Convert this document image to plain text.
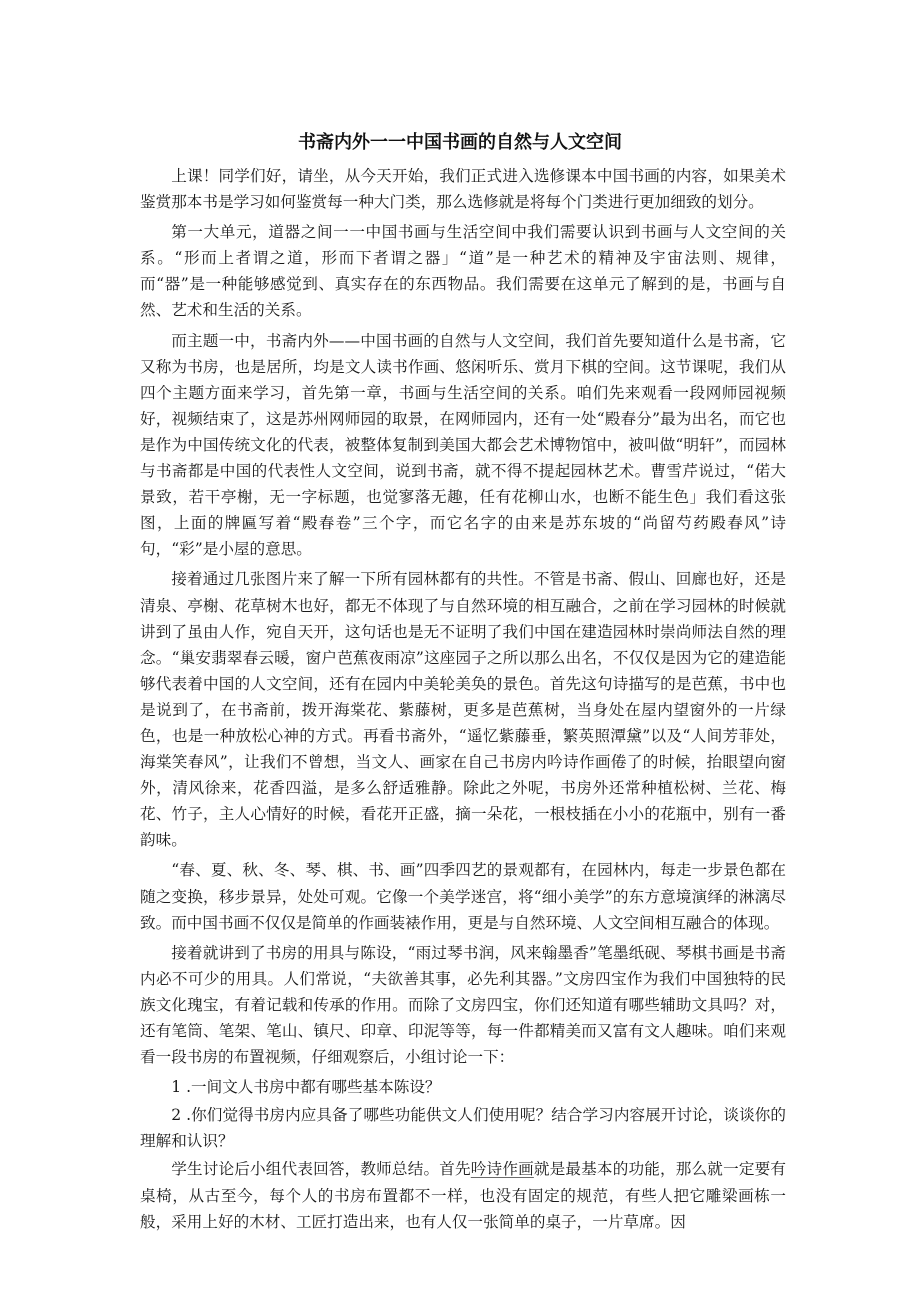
书斋内外一一中国书画的自然与人文空间

上课！同学们好，请坐，从今天开始，我们正式进入选修课本中国书画的内容，如果美术鉴赏那本书是学习如何鉴赏每一种大门类，那么选修就是将每个门类进行更加细致的划分。

第一大单元，道器之间一一中国书画与生活空间中我们需要认识到书画与人文空间的关系。“形而上者谓之道，形而下者谓之器」“道”是一种艺术的精神及宇宙法则、规律，而“器”是一种能够感觉到、真实存在的东西物品。我们需要在这单元了解到的是，书画与自然、艺术和生活的关系。

而主题一中，书斋内外——中国书画的自然与人文空间，我们首先要知道什么是书斋，它又称为书房，也是居所，均是文人读书作画、悠闲听乐、赏月下棋的空间。这节课呢，我们从四个主题方面来学习，首先第一章，书画与生活空间的关系。咱们先来观看一段网师园视频好，视频结束了，这是苏州网师园的取景，在网师园内，还有一处“殿春分”最为出名，而它也是作为中国传统文化的代表，被整体复制到美国大都会艺术博物馆中，被叫做“明轩”，而园林与书斋都是中国的代表性人文空间，说到书斋，就不得不提起园林艺术。曹雪芹说过，“偌大景致，若干亭榭，无一字标题，也觉寥落无趣，任有花柳山水，也断不能生色」我们看这张图，上面的牌匾写着“殿春卷”三个字，而它名字的由来是苏东坡的“尚留芍药殿春风”诗句，“彩”是小屋的意思。

接着通过几张图片来了解一下所有园林都有的共性。不管是书斋、假山、回廊也好，还是清泉、亭榭、花草树木也好，都无不体现了与自然环境的相互融合，之前在学习园林的时候就讲到了虽由人作，宛自天开，这句话也是无不证明了我们中国在建造园林时崇尚师法自然的理念。“巢安翡翠春云暖，窗户芭蕉夜雨凉”这座园子之所以那么出名，不仅仅是因为它的建造能够代表着中国的人文空间，还有在园内中美轮美奂的景色。首先这句诗描写的是芭蕉，书中也是说到了，在书斋前，拨开海棠花、紫藤树，更多是芭蕉树，当身处在屋内望窗外的一片绿色，也是一种放松心神的方式。再看书斋外，“遥忆紫藤垂，繁英照潭黛”以及“人间芳菲处，海棠笑春风”，让我们不曾想，当文人、画家在自己书房内吟诗作画倦了的时候，抬眼望向窗外，清风徐来，花香四溢，是多么舒适雅静。除此之外呢，书房外还常种植松树、兰花、梅花、竹子，主人心情好的时候，看花开正盛，摘一朵花，一根枝插在小小的花瓶中，别有一番韵味。

“春、夏、秋、冬、琴、棋、书、画”四季四艺的景观都有，在园林内，每走一步景色都在随之变换，移步景异，处处可观。它像一个美学迷宫，将“细小美学”的东方意境演绎的淋漓尽致。而中国书画不仅仅是简单的作画装裱作用，更是与自然环境、人文空间相互融合的体现。

接着就讲到了书房的用具与陈设，“雨过琴书润，风来翰墨香”笔墨纸砚、琴棋书画是书斋内必不可少的用具。人们常说，“夫欲善其事，必先利其器。”文房四宝作为我们中国独特的民族文化瑰宝，有着记载和传承的作用。而除了文房四宝，你们还知道有哪些辅助文具吗？对，还有笔筒、笔架、笔山、镇尺、印章、印泥等等，每一件都精美而又富有文人趣味。咱们来观看一段书房的布置视频，仔细观察后，小组讨论一下：

1 .一间文人书房中都有哪些基本陈设？

2 .你们觉得书房内应具备了哪些功能供文人们使用呢？结合学习内容展开讨论，谈谈你的理解和认识？

学生讨论后小组代表回答，教师总结。首先吟诗作画就是最基本的功能，那么就一定要有桌椅，从古至今，每个人的书房布置都不一样，也没有固定的规范，有些人把它雕梁画栋一般，采用上好的木材、工匠打造出来，也有人仅一张简单的桌子，一片草席。因
